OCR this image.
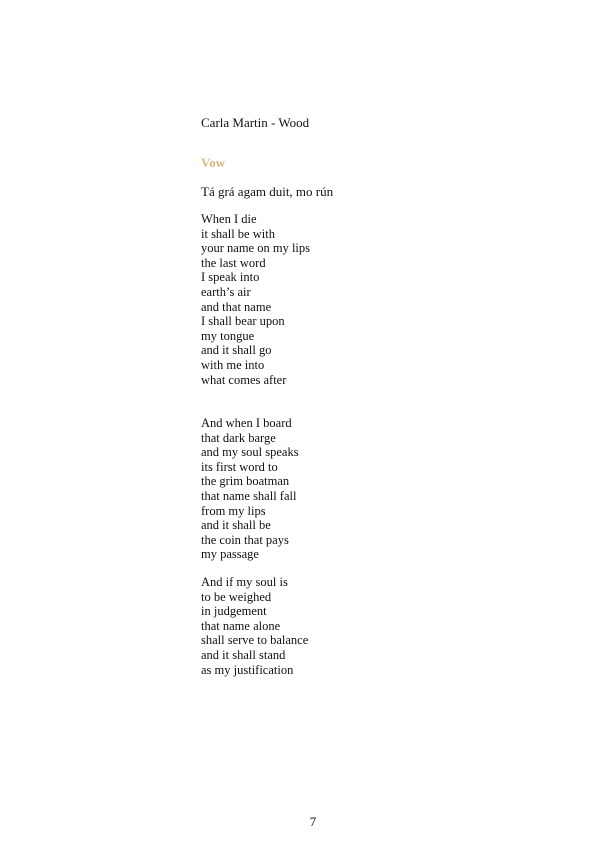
Carla Martin - Wood
Vow
Tá grá agam duit, mo rún
When I die
it shall be with
your name on my lips
the last word
I speak into
earth’s air
and that name
I shall bear upon
my tongue
and it shall go
with me into
what comes after
And when I board
that dark barge
and my soul speaks
its first word to
the grim boatman
that name shall fall
from my lips
and it shall be
the coin that pays
my passage
And if my soul is
to be weighed
in judgement
that name alone
shall serve to balance
and it shall stand
as my justification
7
